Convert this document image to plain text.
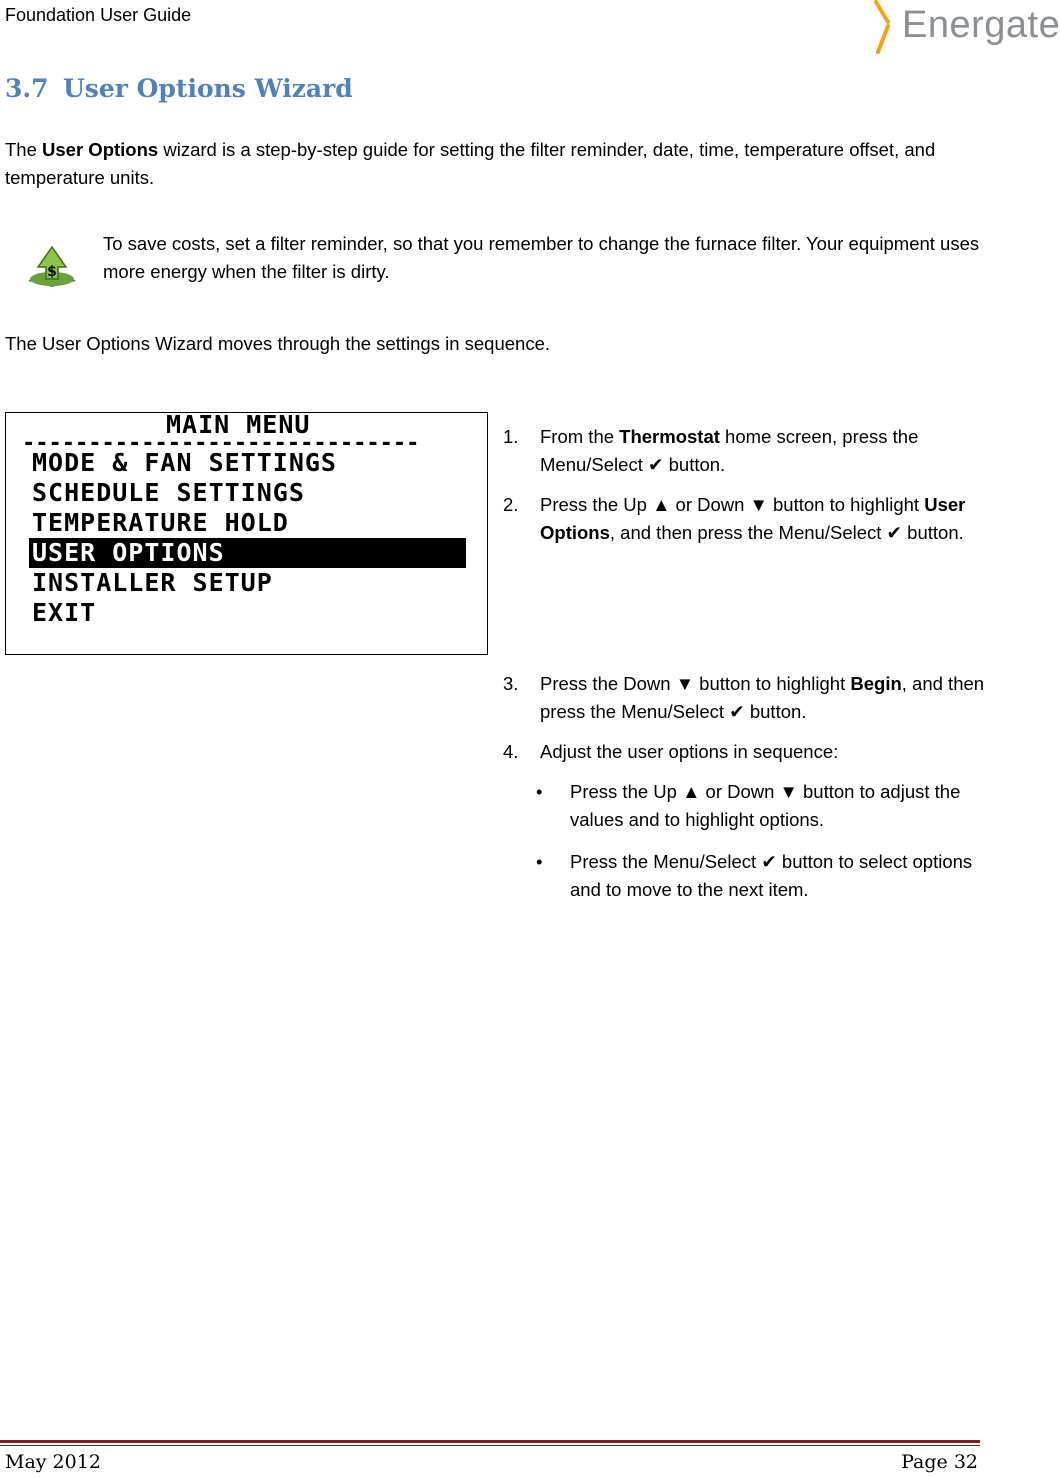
Foundation User Guide	Energate
3.7 User Options Wizard
The User Options wizard is a step-by-step guide for setting the filter reminder, date, time, temperature offset, and temperature units.
$
To save costs, set a filter reminder, so that you remember to change the furnace filter. Your equipment uses more energy when the filter is dirty.
The User Options Wizard moves through the settings in sequence.
MAIN MENU
------------------------------
MODE & FAN SETTINGS
SCHEDULE SETTINGS
TEMPERATURE HOLD
USER OPTIONS
INSTALLER SETUP
EXIT
1. From the Thermostat home screen, press the Menu/Select ✔ button.
2. Press the Up ▲ or Down ▼ button to highlight User Options, and then press the Menu/Select ✔ button.
3. Press the Down ▼ button to highlight Begin, and then press the Menu/Select ✔ button.
4. Adjust the user options in sequence:
• Press the Up ▲ or Down ▼ button to adjust the values and to highlight options.
• Press the Menu/Select ✔ button to select options and to move to the next item.
May 2012	Page 32
